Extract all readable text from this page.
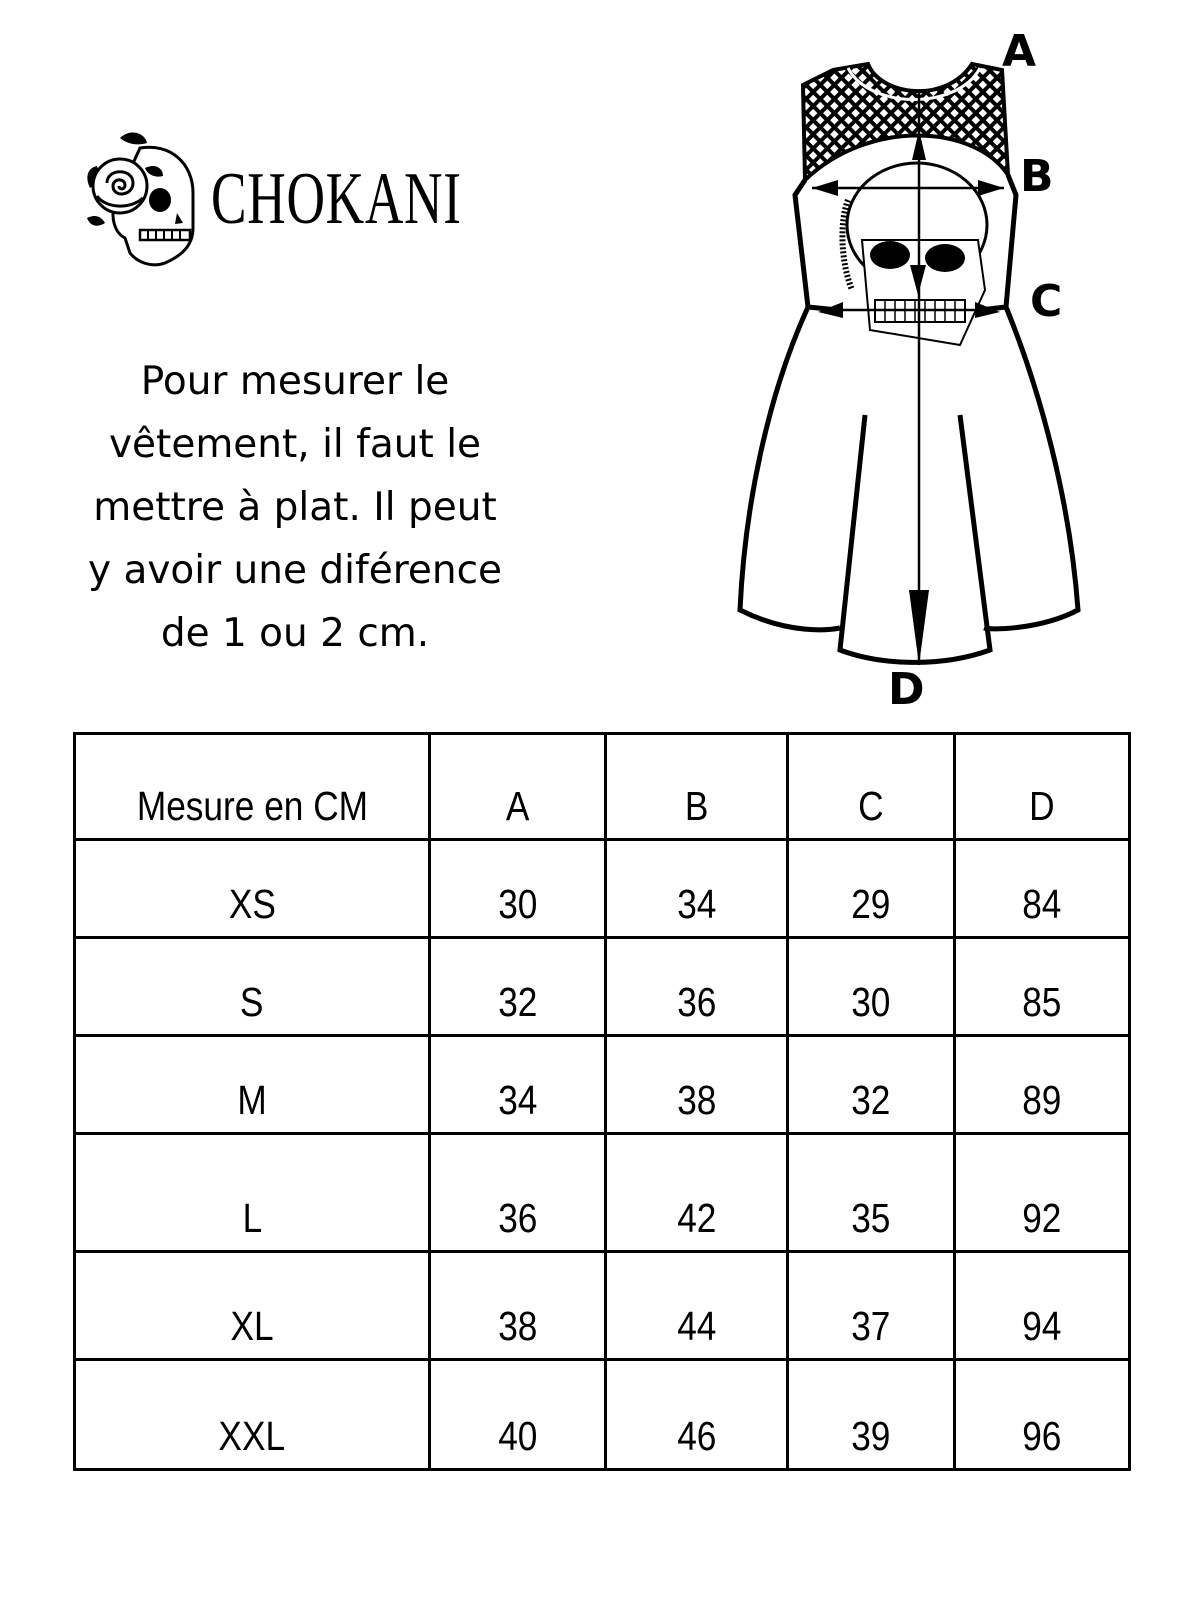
CHOKANI
Pour mesurer le
vêtement, il faut le
mettre à plat. Il peut
y avoir une diférence
de 1 ou 2 cm.
A
B
C
D
Mesure en CM	A	B	C	D
XS	30	34	29	84
S	32	36	30	85
M	34	38	32	89
L	36	42	35	92
XL	38	44	37	94
XXL	40	46	39	96
